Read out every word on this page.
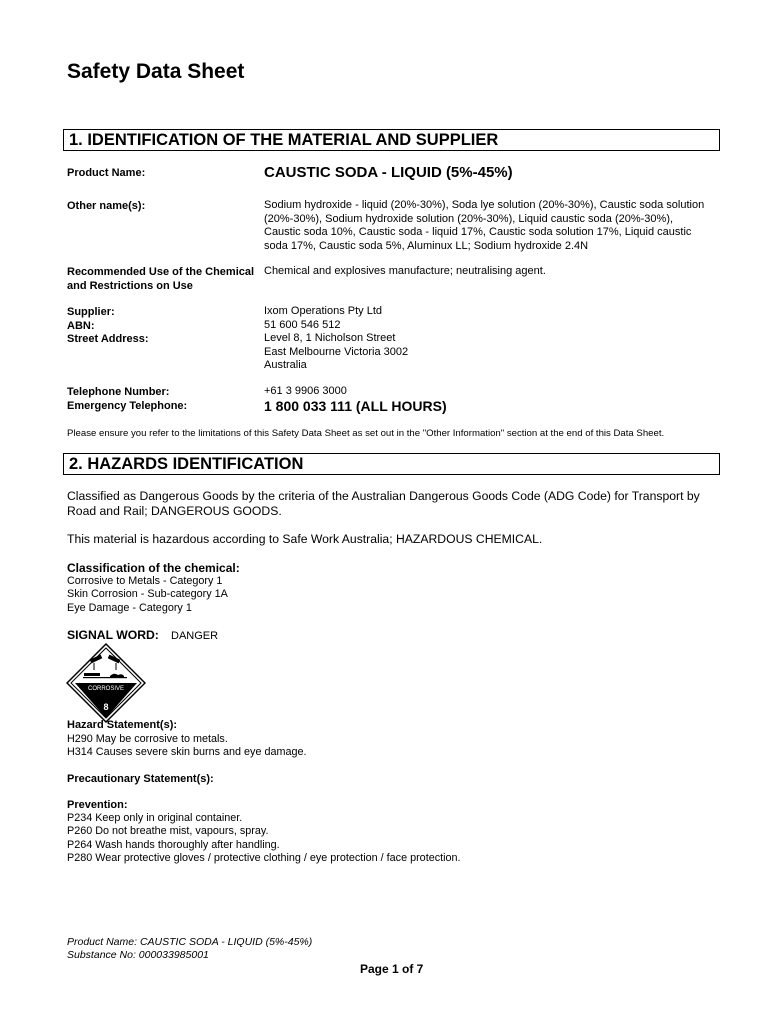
Safety Data Sheet
1. IDENTIFICATION OF THE MATERIAL AND SUPPLIER
Product Name:	CAUSTIC SODA - LIQUID (5%-45%)
Other name(s):	Sodium hydroxide - liquid (20%-30%), Soda lye solution (20%-30%), Caustic soda solution
(20%-30%), Sodium hydroxide solution (20%-30%), Liquid caustic soda (20%-30%),
Caustic soda 10%, Caustic soda - liquid 17%, Caustic soda solution 17%, Liquid caustic
soda 17%, Caustic soda 5%, Aluminux LL; Sodium hydroxide 2.4N
Recommended Use of the Chemical
and Restrictions on Use
Chemical and explosives manufacture; neutralising agent.
Supplier:
ABN:
Street Address:
Ixom Operations Pty Ltd
51 600 546 512
Level 8, 1 Nicholson Street
East Melbourne Victoria 3002
Australia
Telephone Number:
Emergency Telephone:
+61 3 9906 3000
1 800 033 111 (ALL HOURS)
Please ensure you refer to the limitations of this Safety Data Sheet as set out in the "Other Information" section at the end of this Data Sheet.
2. HAZARDS IDENTIFICATION
Classified as Dangerous Goods by the criteria of the Australian Dangerous Goods Code (ADG Code) for Transport by
Road and Rail; DANGEROUS GOODS.
This material is hazardous according to Safe Work Australia; HAZARDOUS CHEMICAL.
Classification of the chemical:
Corrosive to Metals - Category 1
Skin Corrosion - Sub-category 1A
Eye Damage - Category 1
SIGNAL WORD: DANGER
CORROSIVE
8
Hazard Statement(s):
H290 May be corrosive to metals.
H314 Causes severe skin burns and eye damage.
Precautionary Statement(s):
Prevention:
P234 Keep only in original container.
P260 Do not breathe mist, vapours, spray.
P264 Wash hands thoroughly after handling.
P280 Wear protective gloves / protective clothing / eye protection / face protection.
Product Name: CAUSTIC SODA - LIQUID (5%-45%)
Substance No: 000033985001
Page 1 of 7
